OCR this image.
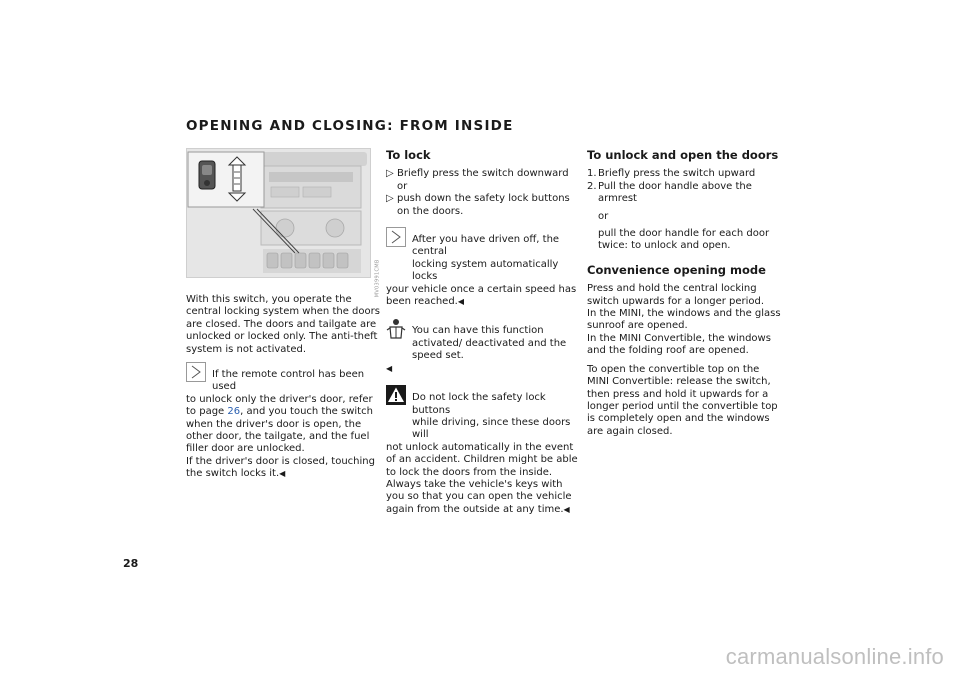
OPENING AND CLOSING: FROM INSIDE
MV03991CMB

With this switch, you operate the central locking system when the doors are closed. The doors and tailgate are unlocked or locked only. The anti-theft system is not activated.

If the remote control has been used
to unlock only the driver's door, refer to page 26, and you touch the switch when the driver's door is open, the other door, the tailgate, and the fuel filler door are unlocked.
If the driver's door is closed, touching the switch locks it.◀
To lock
▷ Briefly press the switch downward or
▷ push down the safety lock buttons on the doors.
After you have driven off, the central
locking system automatically locks
your vehicle once a certain speed has been reached.◀
You can have this function activated/ deactivated and the speed set.
◀
Do not lock the safety lock buttons
while driving, since these doors will
not unlock automatically in the event of an accident. Children might be able to lock the doors from the inside. Always take the vehicle's keys with you so that you can open the vehicle again from the outside at any time.◀
To unlock and open the doors
1. Briefly press the switch upward
2. Pull the door handle above the armrest
or
pull the door handle for each door twice: to unlock and open.
Convenience opening mode

Press and hold the central locking switch upwards for a longer period.

In the MINI, the windows and the glass sunroof are opened.

In the MINI Convertible, the windows and the folding roof are opened.

To open the convertible top on the MINI Convertible: release the switch, then press and hold it upwards for a longer period until the convertible top is completely open and the windows are again closed.

28
carmanualsonline.info
